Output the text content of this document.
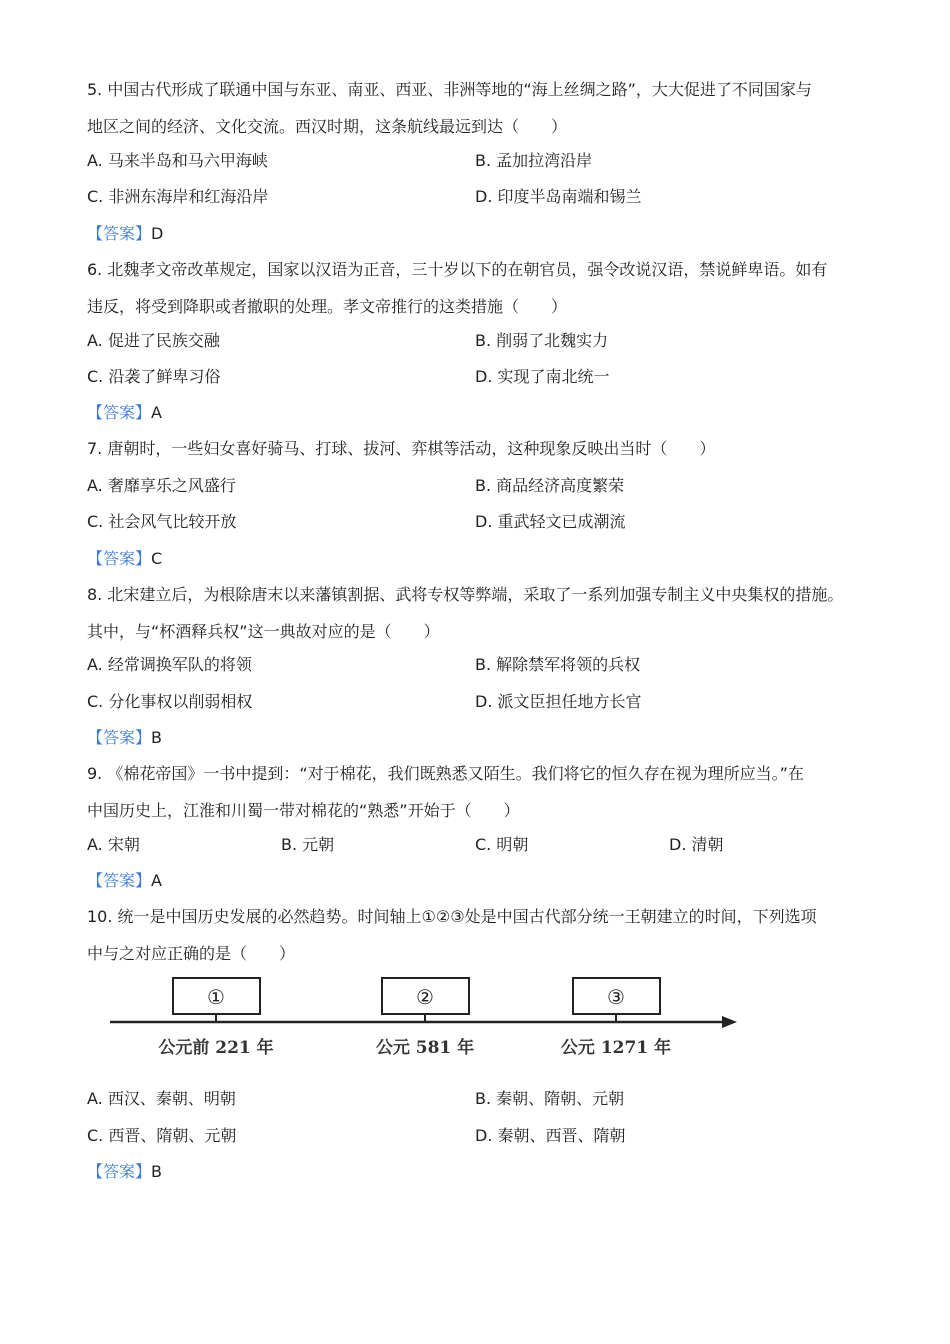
5. 中国古代形成了联通中国与东亚、南亚、西亚、非洲等地的“海上丝绸之路”，大大促进了不同国家与
地区之间的经济、文化交流。西汉时期，这条航线最远到达（　　）
A. 马来半岛和马六甲海峡	B. 孟加拉湾沿岸
C. 非洲东海岸和红海沿岸	D. 印度半岛南端和锡兰
【答案】D
6. 北魏孝文帝改革规定，国家以汉语为正音，三十岁以下的在朝官员，强令改说汉语，禁说鲜卑语。如有
违反，将受到降职或者撤职的处理。孝文帝推行的这类措施（　　）
A. 促进了民族交融	B. 削弱了北魏实力
C. 沿袭了鲜卑习俗	D. 实现了南北统一
【答案】A
7. 唐朝时，一些妇女喜好骑马、打球、拔河、弈棋等活动，这种现象反映出当时（　　）
A. 奢靡享乐之风盛行	B. 商品经济高度繁荣
C. 社会风气比较开放	D. 重武轻文已成潮流
【答案】C
8. 北宋建立后，为根除唐末以来藩镇割据、武将专权等弊端，采取了一系列加强专制主义中央集权的措施。
其中，与“杯酒释兵权”这一典故对应的是（　　）
A. 经常调换军队的将领	B. 解除禁军将领的兵权
C. 分化事权以削弱相权	D. 派文臣担任地方长官
【答案】B
9. 《棉花帝国》一书中提到：“对于棉花，我们既熟悉又陌生。我们将它的恒久存在视为理所应当。”在
中国历史上，江淮和川蜀一带对棉花的“熟悉”开始于（　　）
A. 宋朝	B. 元朝	C. 明朝	D. 清朝
【答案】A
10. 统一是中国历史发展的必然趋势。时间轴上①②③处是中国古代部分统一王朝建立的时间，下列选项
中与之对应正确的是（　　）
①	②	③
公元前 221 年	公元 581 年	公元 1271 年
A. 西汉、秦朝、明朝	B. 秦朝、隋朝、元朝
C. 西晋、隋朝、元朝	D. 秦朝、西晋、隋朝
【答案】B
